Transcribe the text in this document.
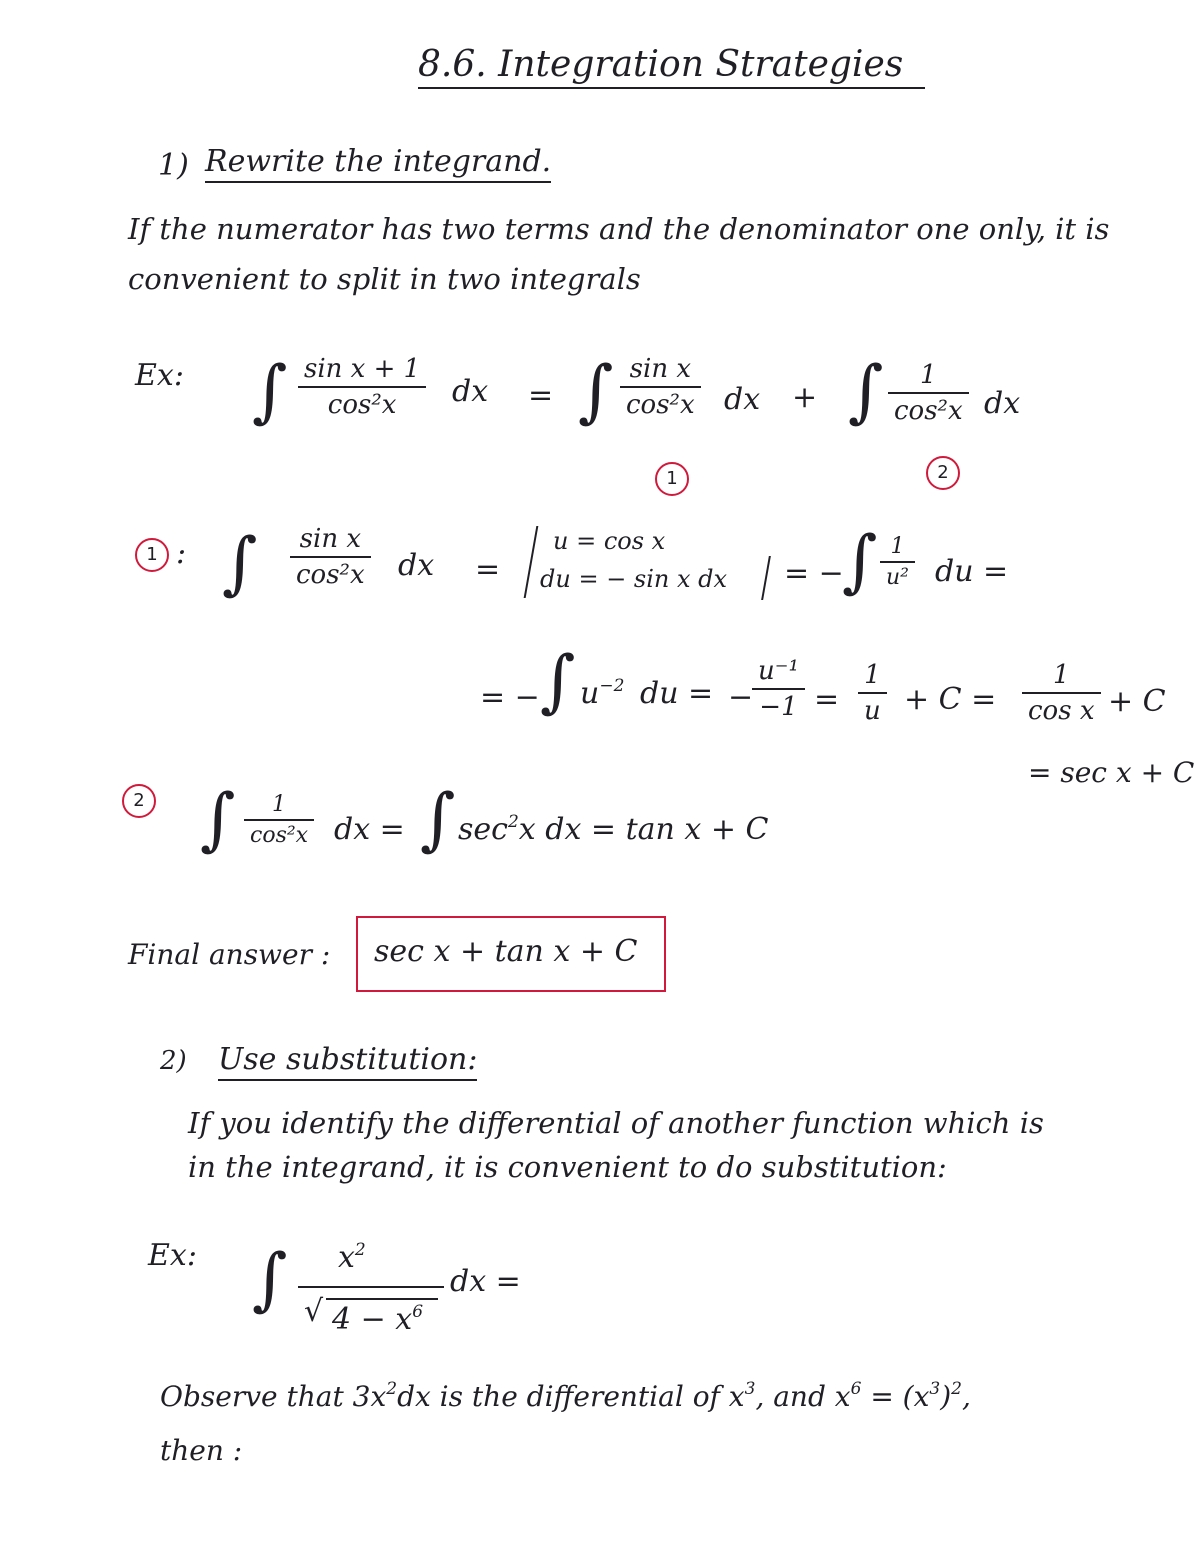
8.6. Integration Strategies
1) Rewrite the integrand.
If the numerator has two terms and the denominator one only, it is
convenient to split in two integrals
Ex: ∫ sin x + 1
cos²x dx = ∫ sin x
cos²x dx + ∫ 1
cos²x dx
1	2
1 : ∫ sin x
cos²x dx =
u = cos x
du = − sin x dx = −
∫ 1
u² du =
= − ∫ $u^{-2}$ du = −
u⁻¹
−1 =
1
u + C =
1
cos x + C
= sec x + C
2 ∫ 1
cos²x dx = ∫ $\sec^2x$ dx = tan x + C
Final answer : sec x + tan x + C
2) Use substitution:
If you identify the differential of another function which is
in the integrand, it is convenient to do substitution:
Ex: ∫ $x^2$
√ $4 - x^6$
dx =
Observe that $3x^2dx$ is the differential of $x^3$, and $x^6 = (x^3)^2$,
then :
